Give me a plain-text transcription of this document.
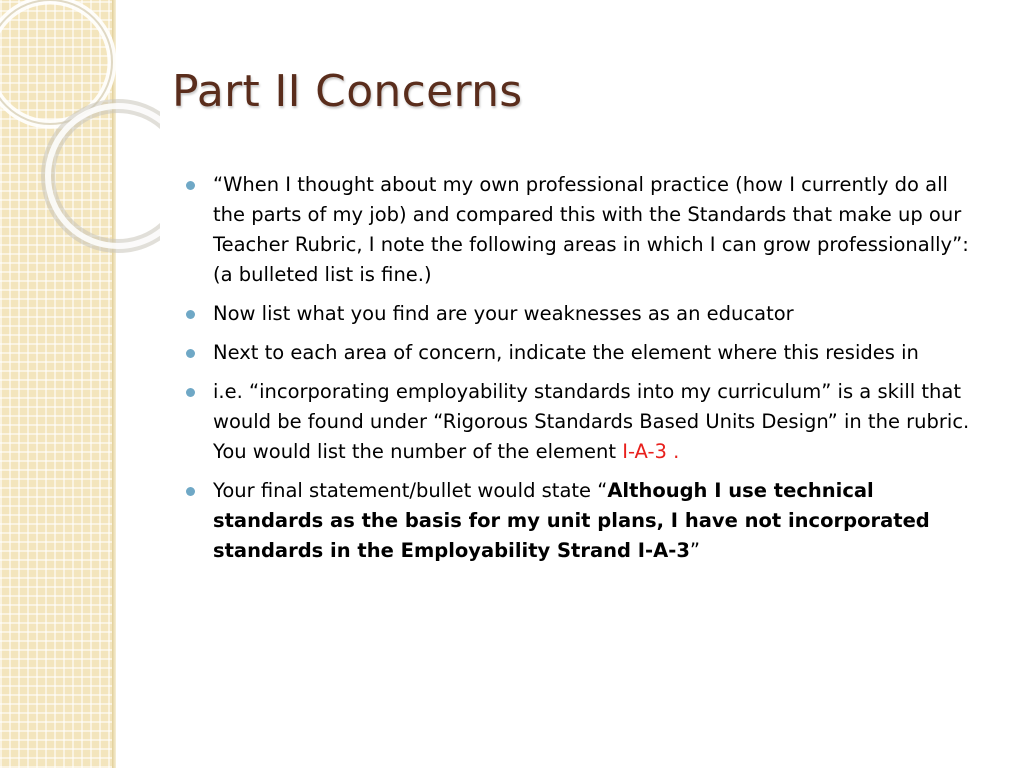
Part II Concerns
“When I thought about my own professional practice (how I currently do all the parts of my job) and compared this with the Standards that make up our Teacher Rubric, I note the following areas in which I can grow professionally”: (a bulleted list is fine.)
Now list what you find are your weaknesses as an educator
Next to each area of concern, indicate the element where this resides in
i.e. “incorporating employability standards into my curriculum” is a skill that would be found under “Rigorous Standards Based Units Design” in the rubric. You would list the number of the element I-A-3 .
Your final statement/bullet would state “Although I use technical standards as the basis for my unit plans, I have not incorporated standards in the Employability Strand I-A-3”
